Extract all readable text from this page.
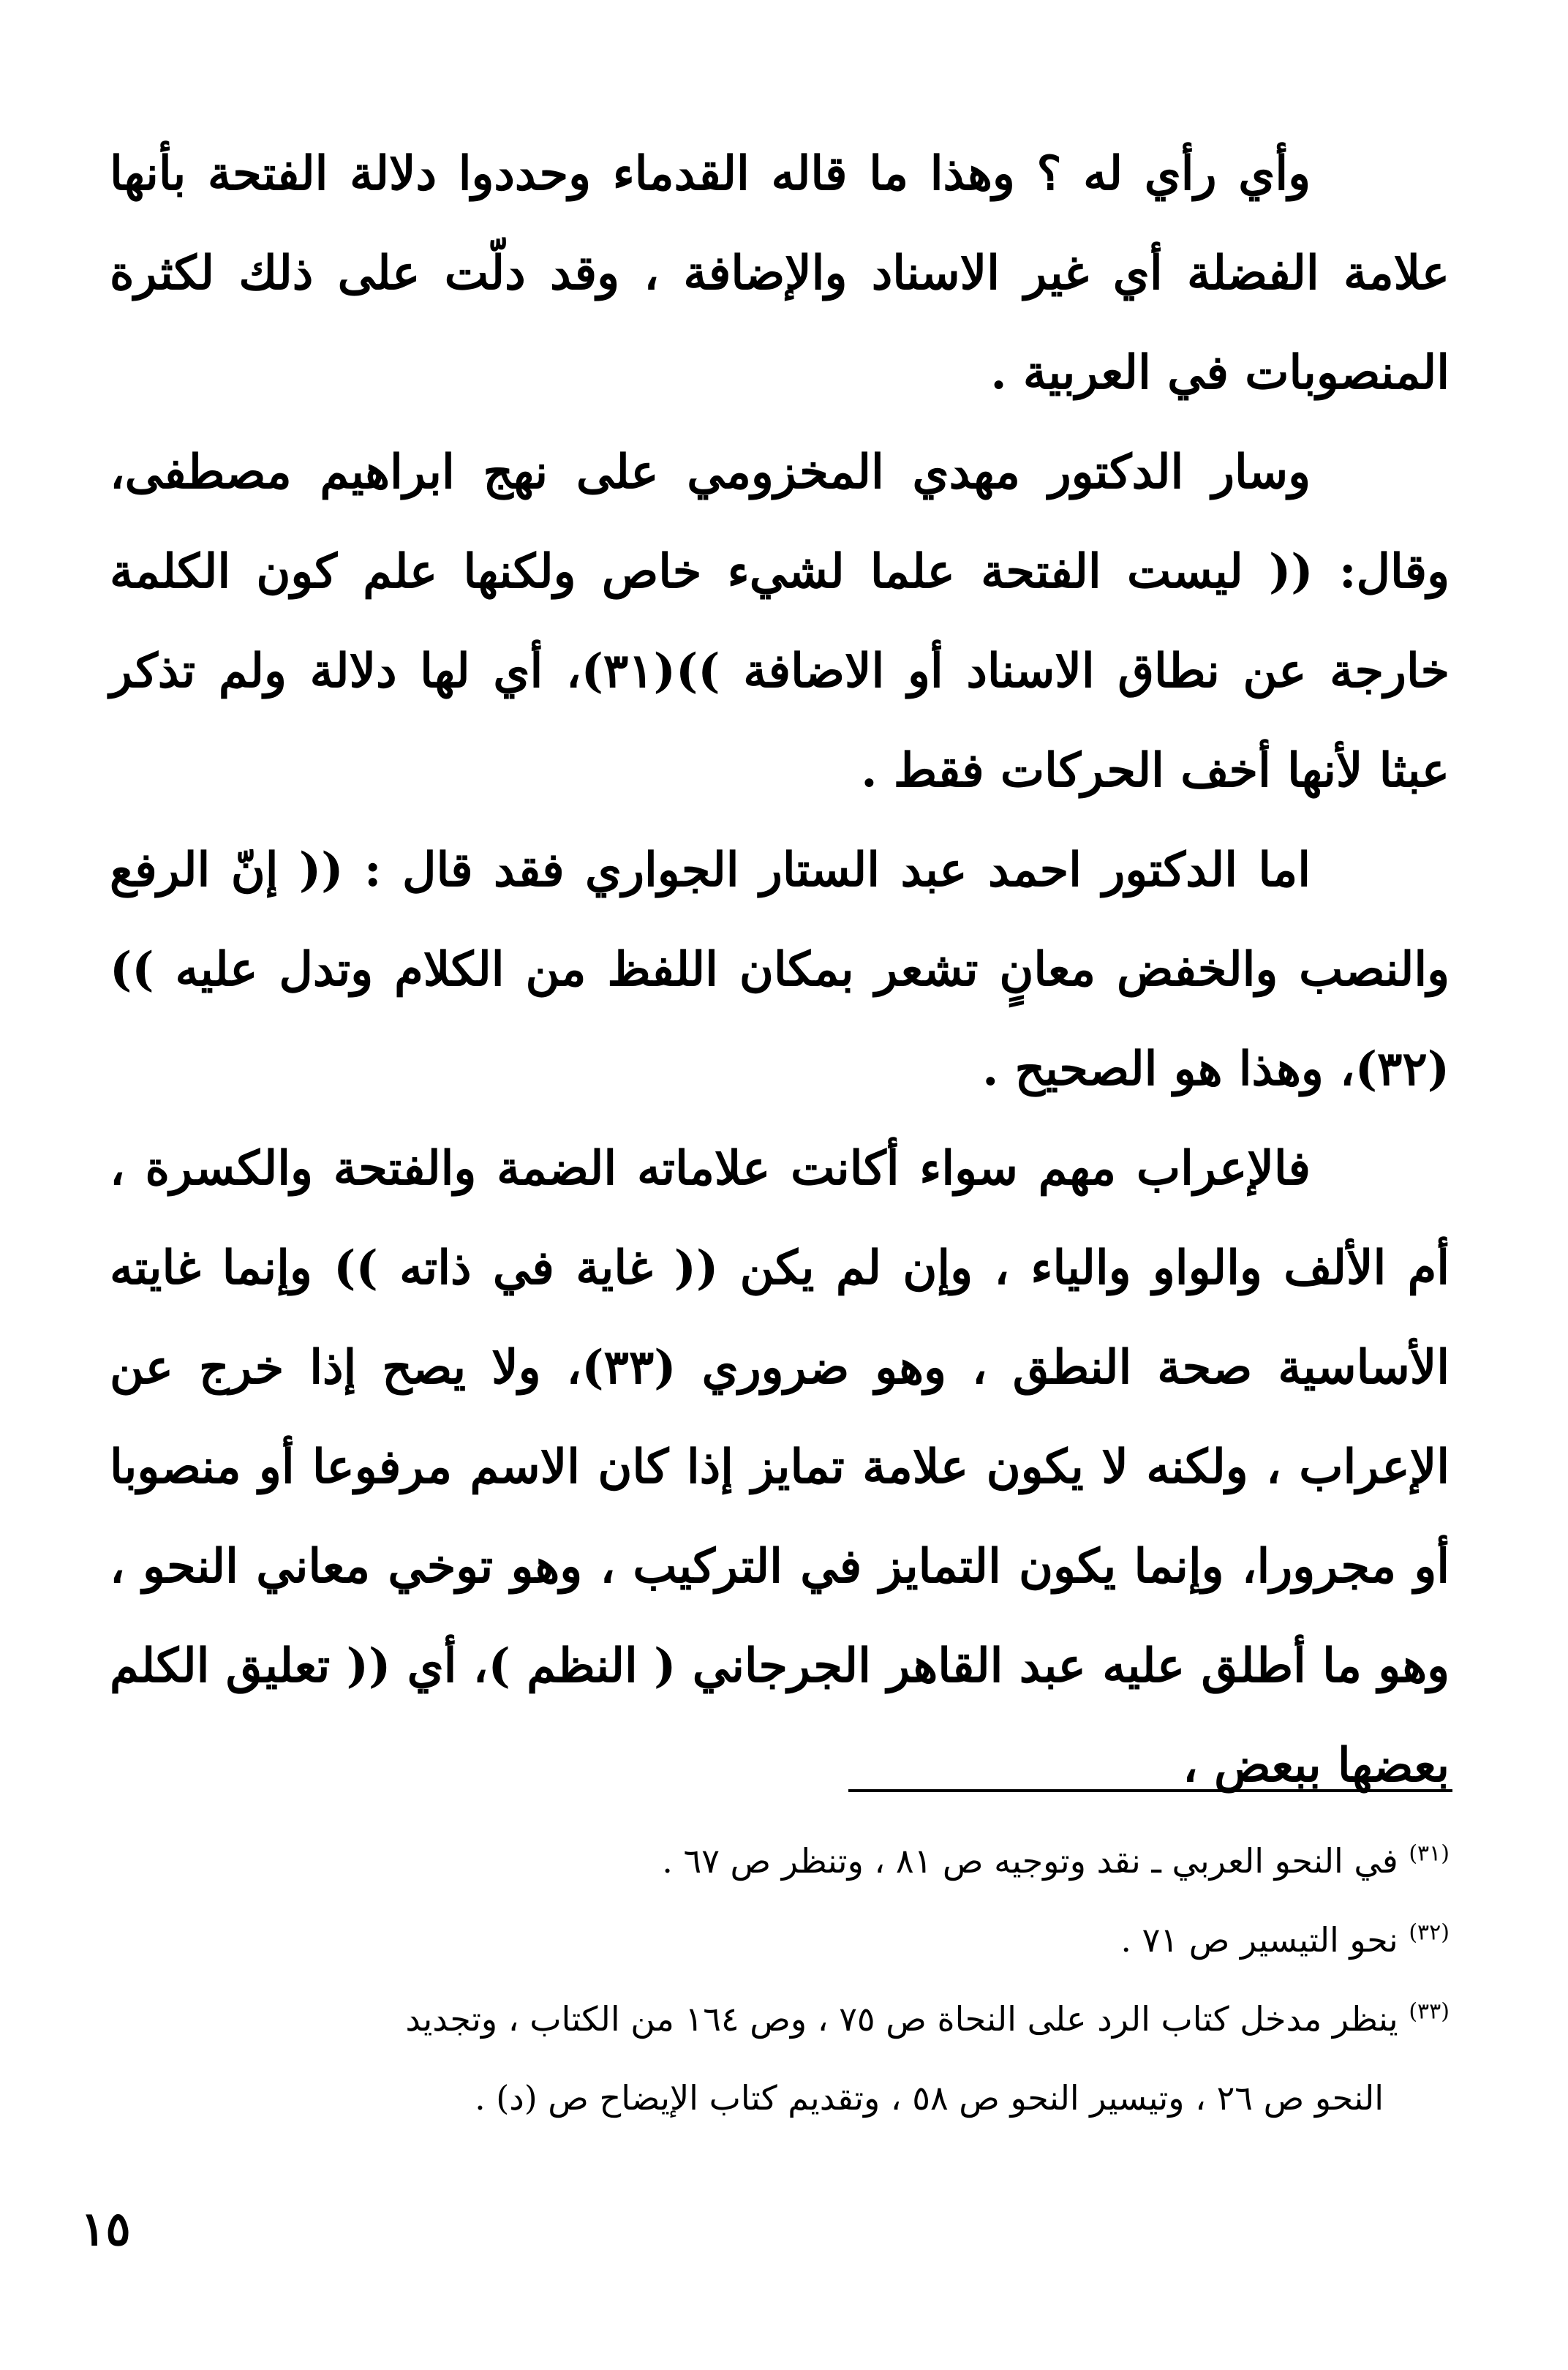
وأي رأي له ؟ وهذا ما قاله القدماء وحددوا دلالة الفتحة بأنها علامة الفضلة أي غير الاسناد والإضافة ، وقد دلّت على ذلك لكثرة المنصوبات في العربية .

وسار الدكتور مهدي المخزومي على نهج ابراهيم مصطفى، وقال: (( ليست الفتحة علما لشيء خاص ولكنها علم كون الكلمة خارجة عن نطاق الاسناد أو الاضافة ))(٣١)، أي لها دلالة ولم تذكر عبثا لأنها أخف الحركات فقط .

اما الدكتور احمد عبد الستار الجواري فقد قال : (( إنّ الرفع والنصب والخفض معانٍ تشعر بمكان اللفظ من الكلام وتدل عليه ))(٣٢)، وهذا هو الصحيح .

فالإعراب مهم سواء أكانت علاماته الضمة والفتحة والكسرة ، أم الألف والواو والياء ، وإن لم يكن (( غاية في ذاته )) وإنما غايته الأساسية صحة النطق ، وهو ضروري (٣٣)، ولا يصح إذا خرج عن الإعراب ، ولكنه لا يكون علامة تمايز إذا كان الاسم مرفوعا أو منصوبا أو مجرورا، وإنما يكون التمايز في التركيب ، وهو توخي معاني النحو ، وهو ما أطلق عليه عبد القاهر الجرجاني ( النظم )، أي (( تعليق الكلم بعضها ببعض ،

$^{(٣١)}$ في النحو العربي ـ نقد وتوجيه ص ٨١ ، وتنظر ص ٦٧ .

$^{(٣٢)}$ نحو التيسير ص ٧١ .

$^{(٣٣)}$ ينظر مدخل كتاب الرد على النحاة ص ٧٥ ، وص ١٦٤ من الكتاب ، وتجديد

النحو ص ٢٦ ، وتيسير النحو ص ٥٨ ، وتقديم كتاب الإيضاح ص (د) .

١٥
